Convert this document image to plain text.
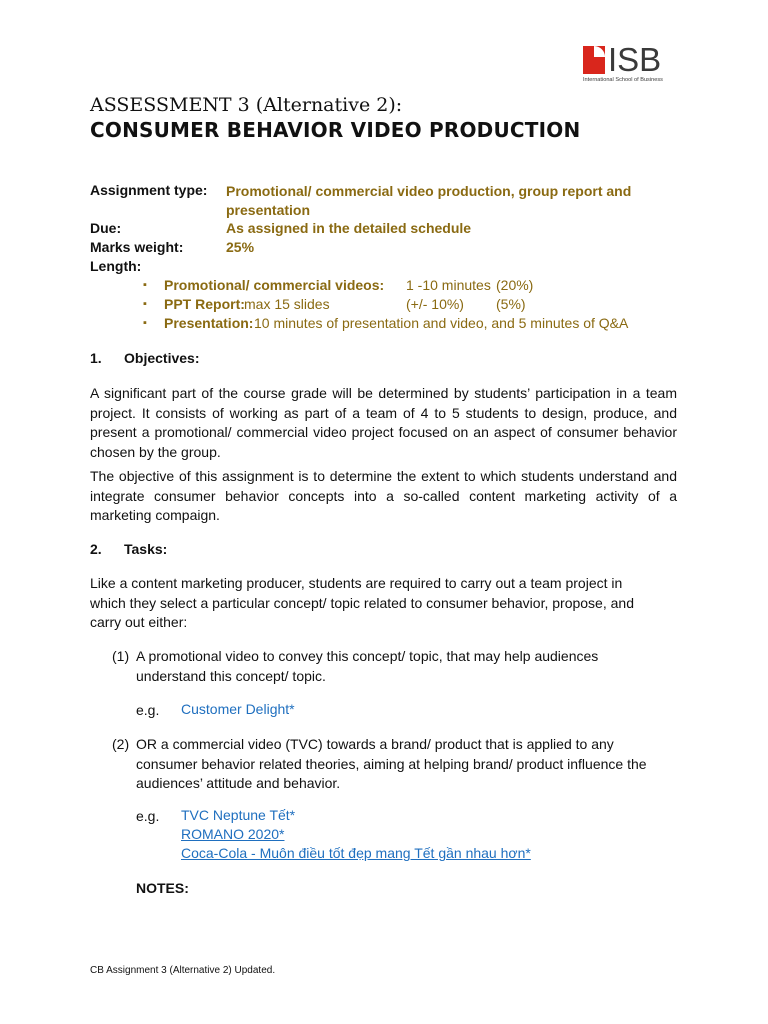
ISB
International School of Business
ASSESSMENT 3 (Alternative 2):
CONSUMER BEHAVIOR VIDEO PRODUCTION
Assignment type: Promotional/ commercial video production, group report and presentation
Due:	As assigned in the detailed schedule
Marks weight:	25%
Length:
▪ Promotional/ commercial videos: 1 -10 minutes (20%)
▪ PPT Report: max 15 slides	(+/- 10%) (5%)
▪ Presentation: 10 minutes of presentation and video, and 5 minutes of Q&A
1. Objectives:
A significant part of the course grade will be determined by students’ participation in a team project. It consists of working as part of a team of 4 to 5 students to design, produce, and present a promotional/ commercial video project focused on an aspect of consumer behavior chosen by the group.
The objective of this assignment is to determine the extent to which students understand and integrate consumer behavior concepts into a so-called content marketing activity of a marketing compaign.
2. Tasks:
Like a content marketing producer, students are required to carry out a team project in which they select a particular concept/ topic related to consumer behavior, propose, and carry out either:
(1) A promotional video to convey this concept/ topic, that may help audiences understand this concept/ topic.
e.g. Customer Delight*
(2) OR a commercial video (TVC) towards a brand/ product that is applied to any consumer behavior related theories, aiming at helping brand/ product influence the audiences’ attitude and behavior.
e.g. TVC Neptune Tết*
ROMANO 2020*
Coca-Cola - Muôn điều tốt đẹp mang Tết gần nhau hơn*
NOTES:
CB Assignment 3 (Alternative 2) Updated.
